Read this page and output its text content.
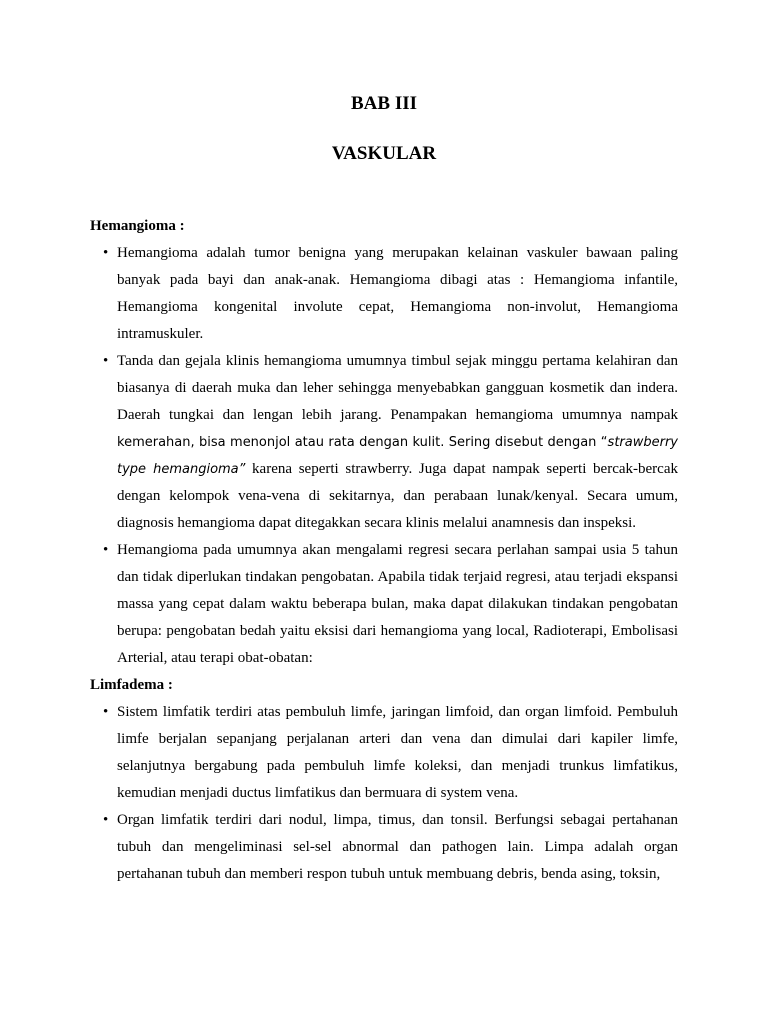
BAB III
VASKULAR

Hemangioma :

• Hemangioma adalah tumor benigna yang merupakan kelainan vaskuler bawaan paling banyak pada bayi dan anak-anak. Hemangioma dibagi atas : Hemangioma infantile, Hemangioma kongenital involute cepat, Hemangioma non-involut, Hemangioma intramuskuler.
• Tanda dan gejala klinis hemangioma umumnya timbul sejak minggu pertama kelahiran dan biasanya di daerah muka dan leher sehingga menyebabkan gangguan kosmetik dan indera. Daerah tungkai dan lengan lebih jarang. Penampakan hemangioma umumnya nampak kemerahan, bisa menonjol atau rata dengan kulit. Sering disebut dengan “strawberry type hemangioma” karena seperti strawberry. Juga dapat nampak seperti bercak-bercak dengan kelompok vena-vena di sekitarnya, dan perabaan lunak/kenyal. Secara umum, diagnosis hemangioma dapat ditegakkan secara klinis melalui anamnesis dan inspeksi.
• Hemangioma pada umumnya akan mengalami regresi secara perlahan sampai usia 5 tahun dan tidak diperlukan tindakan pengobatan. Apabila tidak terjaid regresi, atau terjadi ekspansi massa yang cepat dalam waktu beberapa bulan, maka dapat dilakukan tindakan pengobatan berupa: pengobatan bedah yaitu eksisi dari hemangioma yang local, Radioterapi, Embolisasi Arterial, atau terapi obat-obatan:

Limfadema :

• Sistem limfatik terdiri atas pembuluh limfe, jaringan limfoid, dan organ limfoid. Pembuluh limfe berjalan sepanjang perjalanan arteri dan vena dan dimulai dari kapiler limfe, selanjutnya bergabung pada pembuluh limfe koleksi, dan menjadi trunkus limfatikus, kemudian menjadi ductus limfatikus dan bermuara di system vena.
• Organ limfatik terdiri dari nodul, limpa, timus, dan tonsil. Berfungsi sebagai pertahanan tubuh dan mengeliminasi sel-sel abnormal dan pathogen lain. Limpa adalah organ pertahanan tubuh dan memberi respon tubuh untuk membuang debris, benda asing, toksin,
